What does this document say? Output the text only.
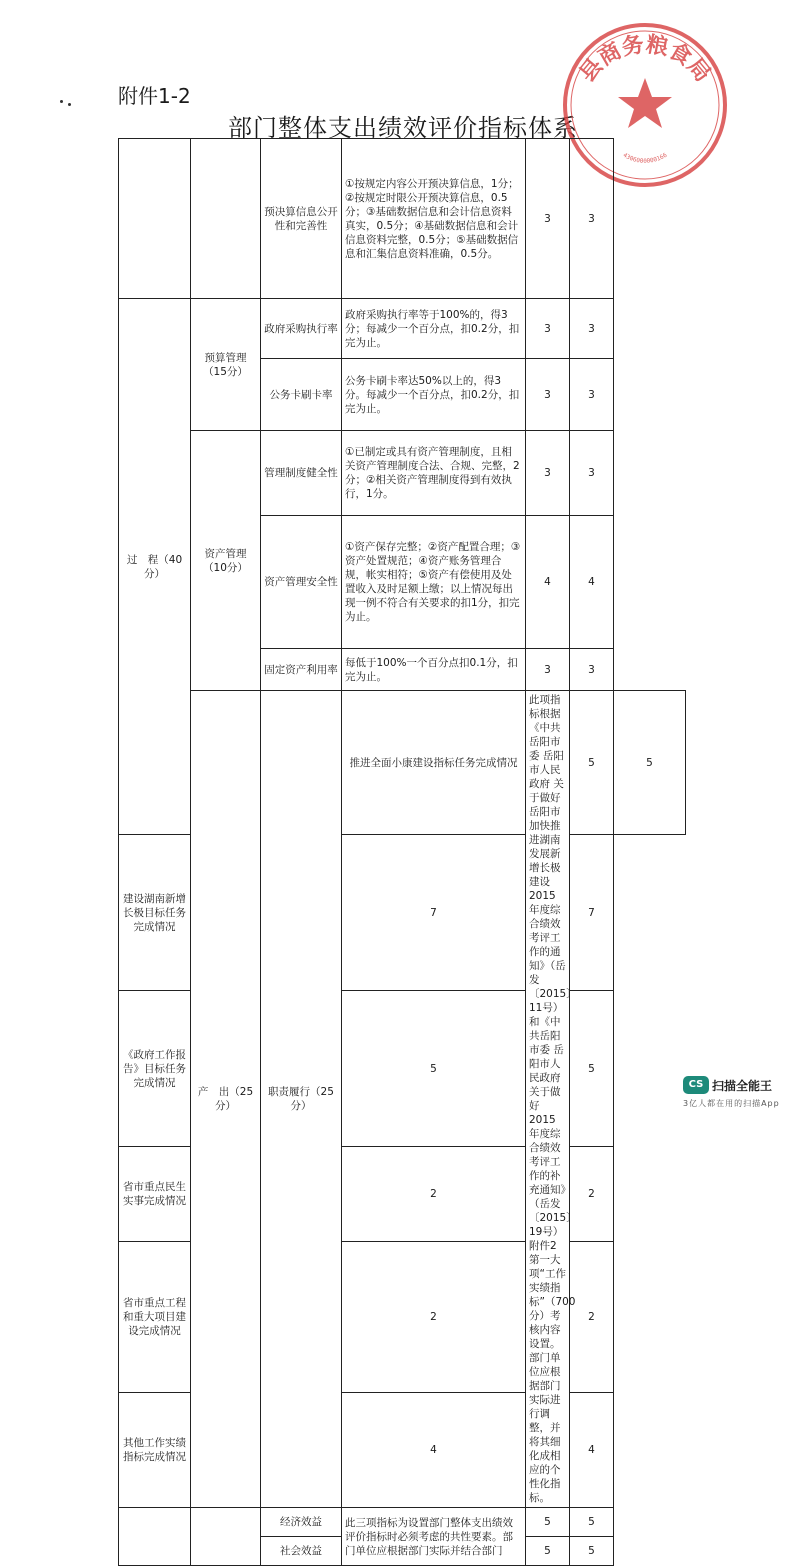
附件1-2
部门整体支出绩效评价指标体系
县商务粮食局
4306000000166
		预决算信息公开性和完善性	①按规定内容公开预决算信息，1分；②按规定时限公开预决算信息，0.5分；③基础数据信息和会计信息资料真实，0.5分；④基础数据信息和会计信息资料完整，0.5分；⑤基础数据信息和汇集信息资料准确，0.5分。	3	3	
过　程（40分）	预算管理（15分）	政府采购执行率	政府采购执行率等于100%的，得3分；每减少一个百分点，扣0.2分，扣完为止。	3	3	
		公务卡刷卡率	公务卡刷卡率达50%以上的，得3分。每减少一个百分点，扣0.2分，扣完为止。	3	3	
	资产管理（10分）	管理制度健全性	①已制定或具有资产管理制度，且相关资产管理制度合法、合规、完整，2分；②相关资产管理制度得到有效执行，1分。	3	3	
		资产管理安全性	①资产保存完整；②资产配置合理；③资产处置规范；④资产账务管理合规，帐实相符；⑤资产有偿使用及处置收入及时足额上缴；以上情况每出现一例不符合有关要求的扣1分，扣完为止。	4	4	
		固定资产利用率	每低于100%一个百分点扣0.1分，扣完为止。	3	3	
	产　出（25分）	职责履行（25分）	推进全面小康建设指标任务完成情况	此项指标根据《中共岳阳市委 岳阳市人民政府 关于做好岳阳市加快推进湖南发展新增长极建设2015年度综合绩效考评工作的通知》（岳发〔2015〕11号）和《中共岳阳市委 岳阳市人民政府 关于做好2015年度综合绩效考评工作的补充通知》（岳发〔2015〕19号）附件2第一大项“工作实绩指标”（700分）考核内容设置。部门单位应根据部门实际进行调整，并将其细化成相应的个性化指标。	5	5
建设湖南新增长极目标任务完成情况			7		7	
《政府工作报告》目标任务完成情况			5		5	
省市重点民生实事完成情况			2		2	
省市重点工程和重大项目建设完成情况			2		2	
其他工作实绩指标完成情况			4		4	
		经济效益	此三项指标为设置部门整体支出绩效评价指标时必须考虑的共性要素。部门单位应根据部门实际并结合部门	5	5	
		社会效益		5	5	
CS 扫描全能王
3亿人都在用的扫描App
